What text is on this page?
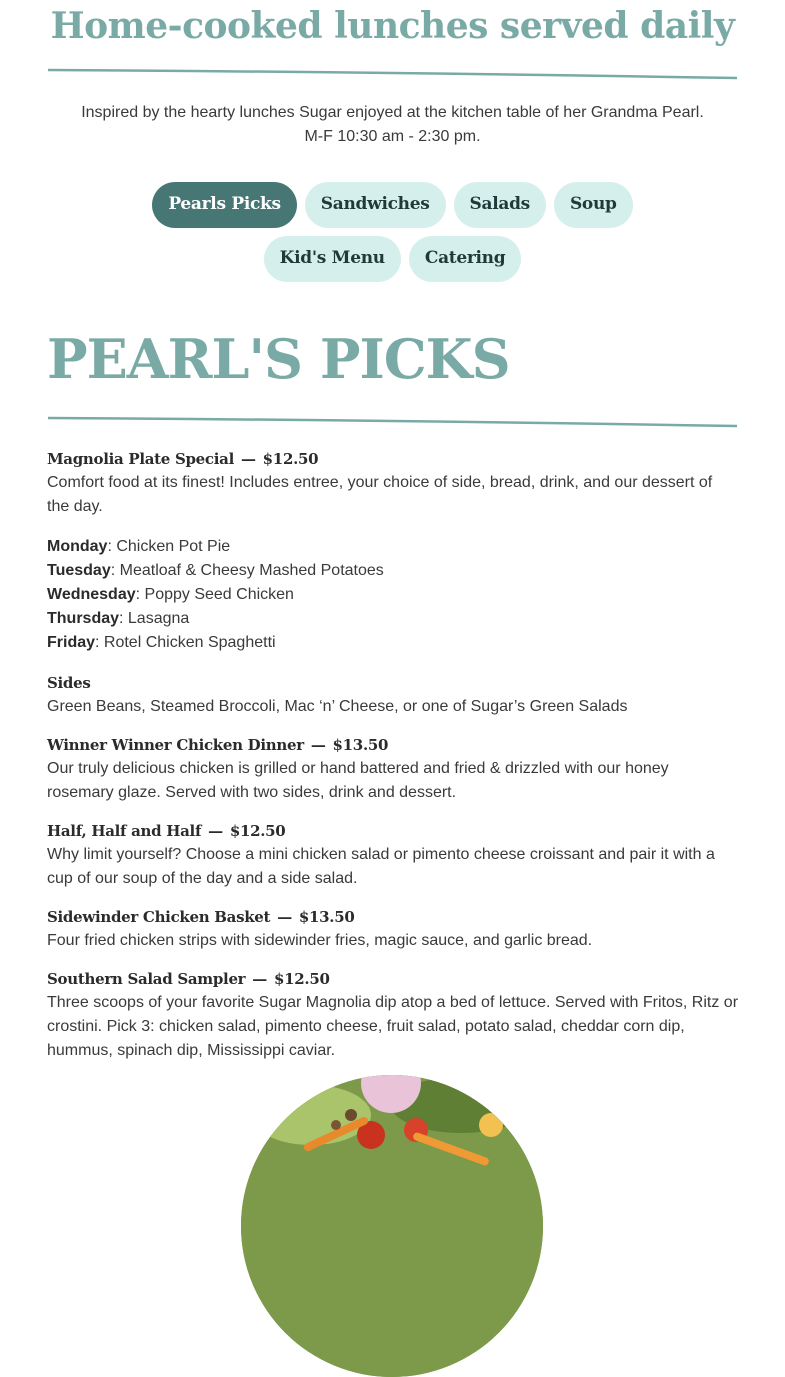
Home-cooked lunches served daily
Inspired by the hearty lunches Sugar enjoyed at the kitchen table of her Grandma Pearl.
M-F 10:30 am - 2:30 pm.
Pearls Picks	Sandwiches	Salads	Soup
Kid's Menu	Catering
PEARL'S PICKS
Magnolia Plate Special — $12.50

Comfort food at its finest! Includes entree, your choice of side, bread, drink, and our dessert of the day.

Monday: Chicken Pot Pie
Tuesday: Meatloaf & Cheesy Mashed Potatoes
Wednesday: Poppy Seed Chicken
Thursday: Lasagna
Friday: Rotel Chicken Spaghetti
Sides

Green Beans, Steamed Broccoli, Mac ‘n’ Cheese, or one of Sugar’s Green Salads

Winner Winner Chicken Dinner — $13.50

Our truly delicious chicken is grilled or hand battered and fried & drizzled with our honey rosemary glaze. Served with two sides, drink and dessert.

Half, Half and Half — $12.50

Why limit yourself? Choose a mini chicken salad or pimento cheese croissant and pair it with a cup of our soup of the day and a side salad.

Sidewinder Chicken Basket — $13.50

Four fried chicken strips with sidewinder fries, magic sauce, and garlic bread.

Southern Salad Sampler — $12.50

Three scoops of your favorite Sugar Magnolia dip atop a bed of lettuce. Served with Fritos, Ritz or crostini. Pick 3: chicken salad, pimento cheese, fruit salad, potato salad, cheddar corn dip, hummus, spinach dip, Mississippi caviar.
